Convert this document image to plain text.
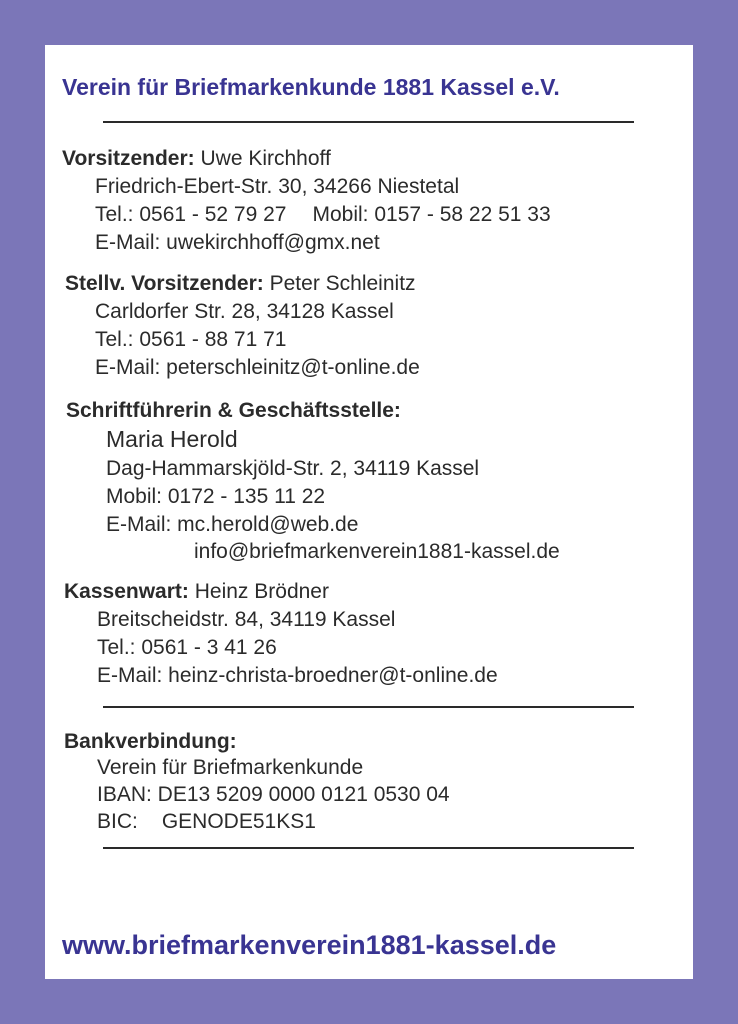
Verein für Briefmarkenkunde 1881 Kassel e.V.
Vorsitzender: Uwe Kirchhoff
Friedrich-Ebert-Str. 30, 34266 Niestetal
Tel.: 0561 - 52 79 27 Mobil: 0157 - 58 22 51 33
E-Mail: uwekirchhoff@gmx.net
Stellv. Vorsitzender: Peter Schleinitz
Carldorfer Str. 28, 34128 Kassel
Tel.: 0561 - 88 71 71
E-Mail: peterschleinitz@t-online.de
Schriftführerin & Geschäftsstelle:
Maria Herold
Dag-Hammarskjöld-Str. 2, 34119 Kassel
Mobil: 0172 - 135 11 22
E-Mail: mc.herold@web.de
info@briefmarkenverein1881-kassel.de
Kassenwart: Heinz Brödner
Breitscheidstr. 84, 34119 Kassel
Tel.: 0561 - 3 41 26
E-Mail: heinz-christa-broedner@t-online.de
Bankverbindung:
Verein für Briefmarkenkunde
IBAN: DE13 5209 0000 0121 0530 04
BIC: GENODE51KS1
www.briefmarkenverein1881-kassel.de
